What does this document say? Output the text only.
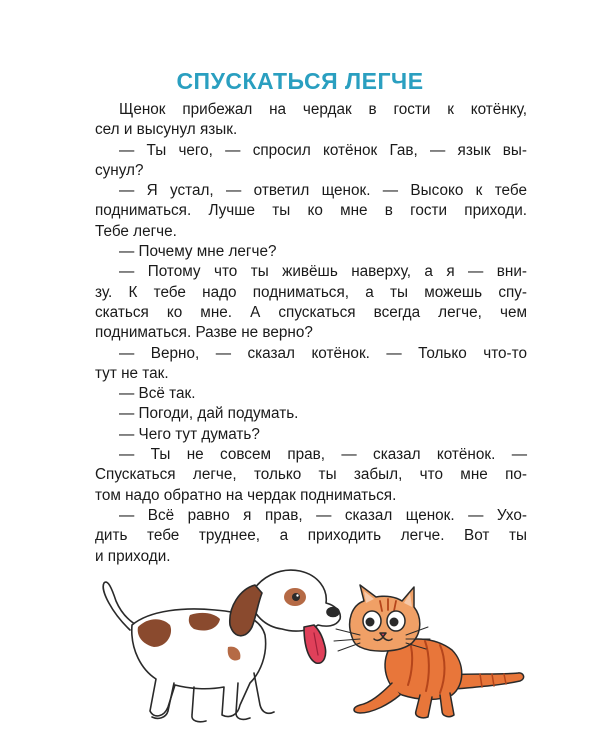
СПУСКАТЬСЯ ЛЕГЧЕ

Щенок прибежал на чердак в гости к котёнку,
сел и высунул язык.

— Ты чего, — спросил котёнок Гав, — язык вы-
сунул?

— Я устал, — ответил щенок. — Высоко к тебе
подниматься. Лучше ты ко мне в гости приходи.
Тебе легче.

— Почему мне легче?

— Потому что ты живёшь наверху, а я — вни-
зу. К тебе надо подниматься, а ты можешь спу-
скаться ко мне. А спускаться всегда легче, чем
подниматься. Разве не верно?

— Верно, — сказал котёнок. — Только что-то
тут не так.

— Всё так.

— Погоди, дай подумать.

— Чего тут думать?

— Ты не совсем прав, — сказал котёнок. —
Спускаться легче, только ты забыл, что мне по-
том надо обратно на чердак подниматься.

— Всё равно я прав, — сказал щенок. — Ухо-
дить тебе труднее, а приходить легче. Вот ты
и приходи.
